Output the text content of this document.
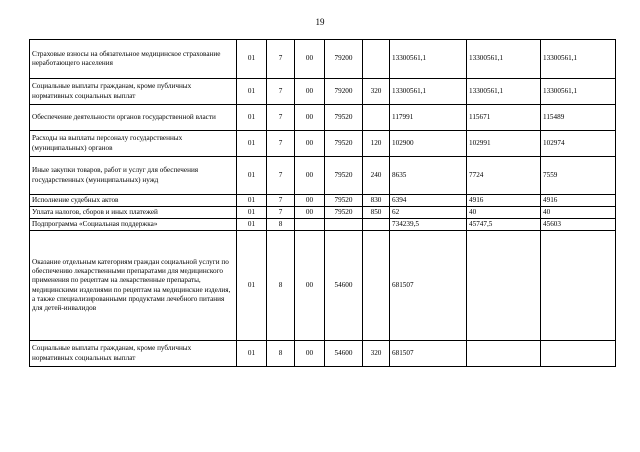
19
Страховые взносы на обязательное медицинское страхование неработающего населения	01	7	00	79200		13300561,1	13300561,1	13300561,1
Социальные выплаты гражданам, кроме публичных нормативных социальных выплат	01	7	00	79200	320	13300561,1	13300561,1	13300561,1
Обеспечение деятельности органов государственной власти	01	7	00	79520		117991	115671	115489
Расходы на выплаты персоналу государственных (муниципальных) органов	01	7	00	79520	120	102900	102991	102974
Иные закупки товаров, работ и услуг для обеспечения государственных (муниципальных) нужд	01	7	00	79520	240	8635	7724	7559
Исполнение судебных актов	01	7	00	79520	830	6394	4916	4916
Уплата налогов, сборов и иных платежей	01	7	00	79520	850	62	40	40
Подпрограмма «Социальная поддержка»	01	8				734239,5	45747,5	45603
Оказание отдельным категориям граждан социальной услуги по обеспечению лекарственными препаратами для медицинского применения по рецептам на лекарственные препараты, медицинскими изделиями по рецептам на медицинские изделия, а также специализированными продуктами лечебного питания для детей-инвалидов	01	8	00	54600		681507		
Социальные выплаты гражданам, кроме публичных нормативных социальных выплат	01	8	00	54600	320	681507		
